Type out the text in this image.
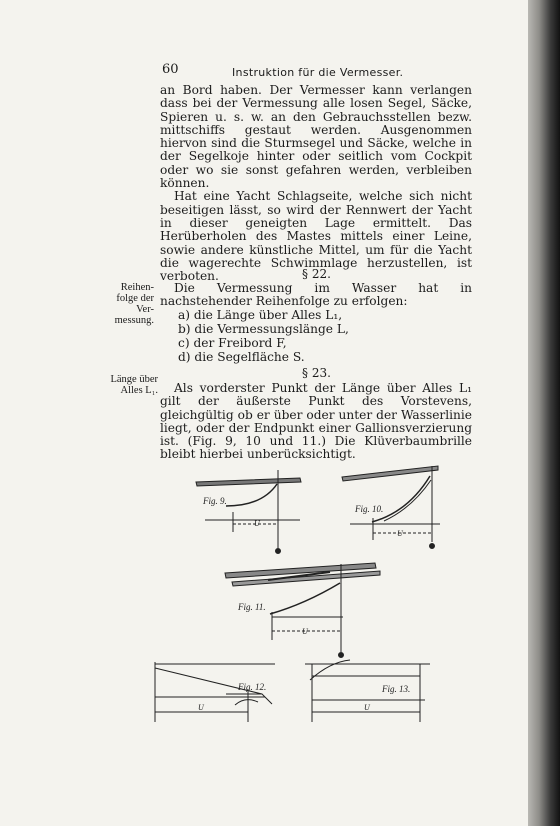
60	Instruktion für die Vermesser.

an Bord haben. Der Vermesser kann verlangen dass bei der Vermessung alle losen Segel, Säcke, Spieren u. s. w. an den Gebrauchsstellen bezw. mittschiffs gestaut werden. Ausgenommen hiervon sind die Sturmsegel und Säcke, welche in der Segelkoje hinter oder seitlich vom Cockpit oder wo sie sonst gefahren werden, verbleiben können.

Hat eine Yacht Schlagseite, welche sich nicht beseitigen lässt, so wird der Rennwert der Yacht in dieser geneigten Lage ermittelt. Das Herüberholen des Mastes mittels einer Leine, sowie andere künstliche Mittel, um für die Yacht die wagerechte Schwimmlage herzustellen, ist verboten.	§ 22.
Reihen-
folge der
Ver-
messung.
Die Vermessung im Wasser hat in nachstehender Reihenfolge zu erfolgen:
a) die Länge über Alles L₁,
b) die Vermessungslänge L,
c) der Freibord F,
d) die Segelfläche S.
§ 23.
Länge über
Alles L₁.	Als vorderster Punkt der Länge über Alles L₁ gilt der äußerste Punkt des Vorstevens, gleichgültig ob er über oder unter der Wasserlinie liegt, oder der Endpunkt einer Gallionsverzierung ist. (Fig. 9, 10 und 11.) Die Klüverbaumbrille bleibt hierbei unberücksichtigt.
Fig. 9.
U
Fig. 10.
U
Fig. 11.
U
Fig. 12.
U
Fig. 13.
U
